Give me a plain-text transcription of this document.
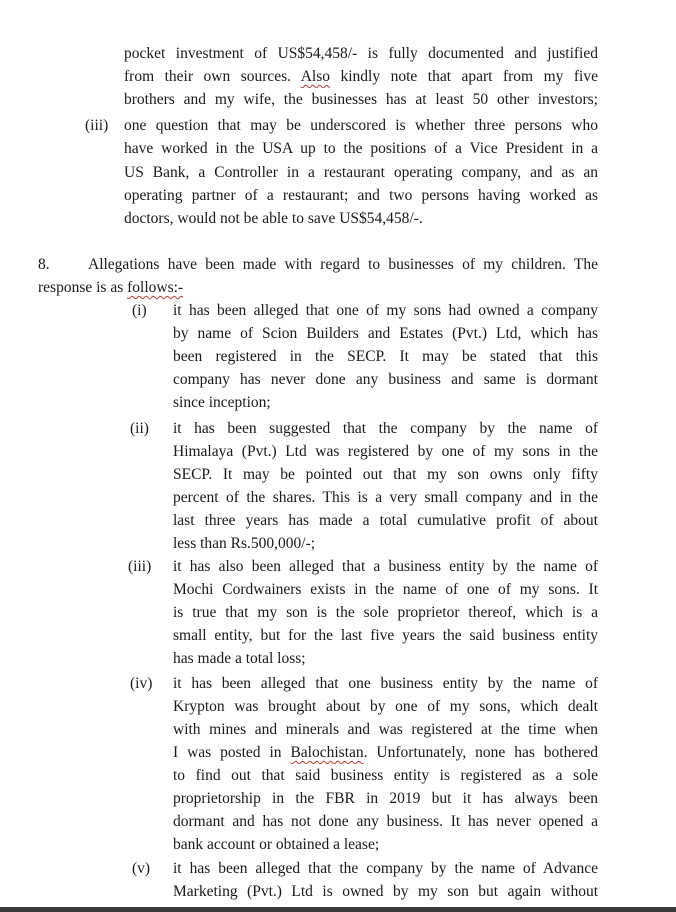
pocket investment of US$54,458/- is fully documented and justified
from their own sources. Also kindly note that apart from my five
brothers and my wife, the businesses has at least 50 other investors;
(iii) one question that may be underscored is whether three persons who
have worked in the USA up to the positions of a Vice President in a
US Bank, a Controller in a restaurant operating company, and as an
operating partner of a restaurant; and two persons having worked as
doctors, would not be able to save US$54,458/-.
8. Allegations have been made with regard to businesses of my children. The
response is as follows:-
(i) it has been alleged that one of my sons had owned a company
by name of Scion Builders and Estates (Pvt.) Ltd, which has
been registered in the SECP. It may be stated that this
company has never done any business and same is dormant
since inception;
(ii) it has been suggested that the company by the name of
Himalaya (Pvt.) Ltd was registered by one of my sons in the
SECP. It may be pointed out that my son owns only fifty
percent of the shares. This is a very small company and in the
last three years has made a total cumulative profit of about
less than Rs.500,000/-;
(iii) it has also been alleged that a business entity by the name of
Mochi Cordwainers exists in the name of one of my sons. It
is true that my son is the sole proprietor thereof, which is a
small entity, but for the last five years the said business entity
has made a total loss;
(iv) it has been alleged that one business entity by the name of
Krypton was brought about by one of my sons, which dealt
with mines and minerals and was registered at the time when
I was posted in Balochistan. Unfortunately, none has bothered
to find out that said business entity is registered as a sole
proprietorship in the FBR in 2019 but it has always been
dormant and has not done any business. It has never opened a
bank account or obtained a lease;
(v) it has been alleged that the company by the name of Advance
Marketing (Pvt.) Ltd is owned by my son but again without
